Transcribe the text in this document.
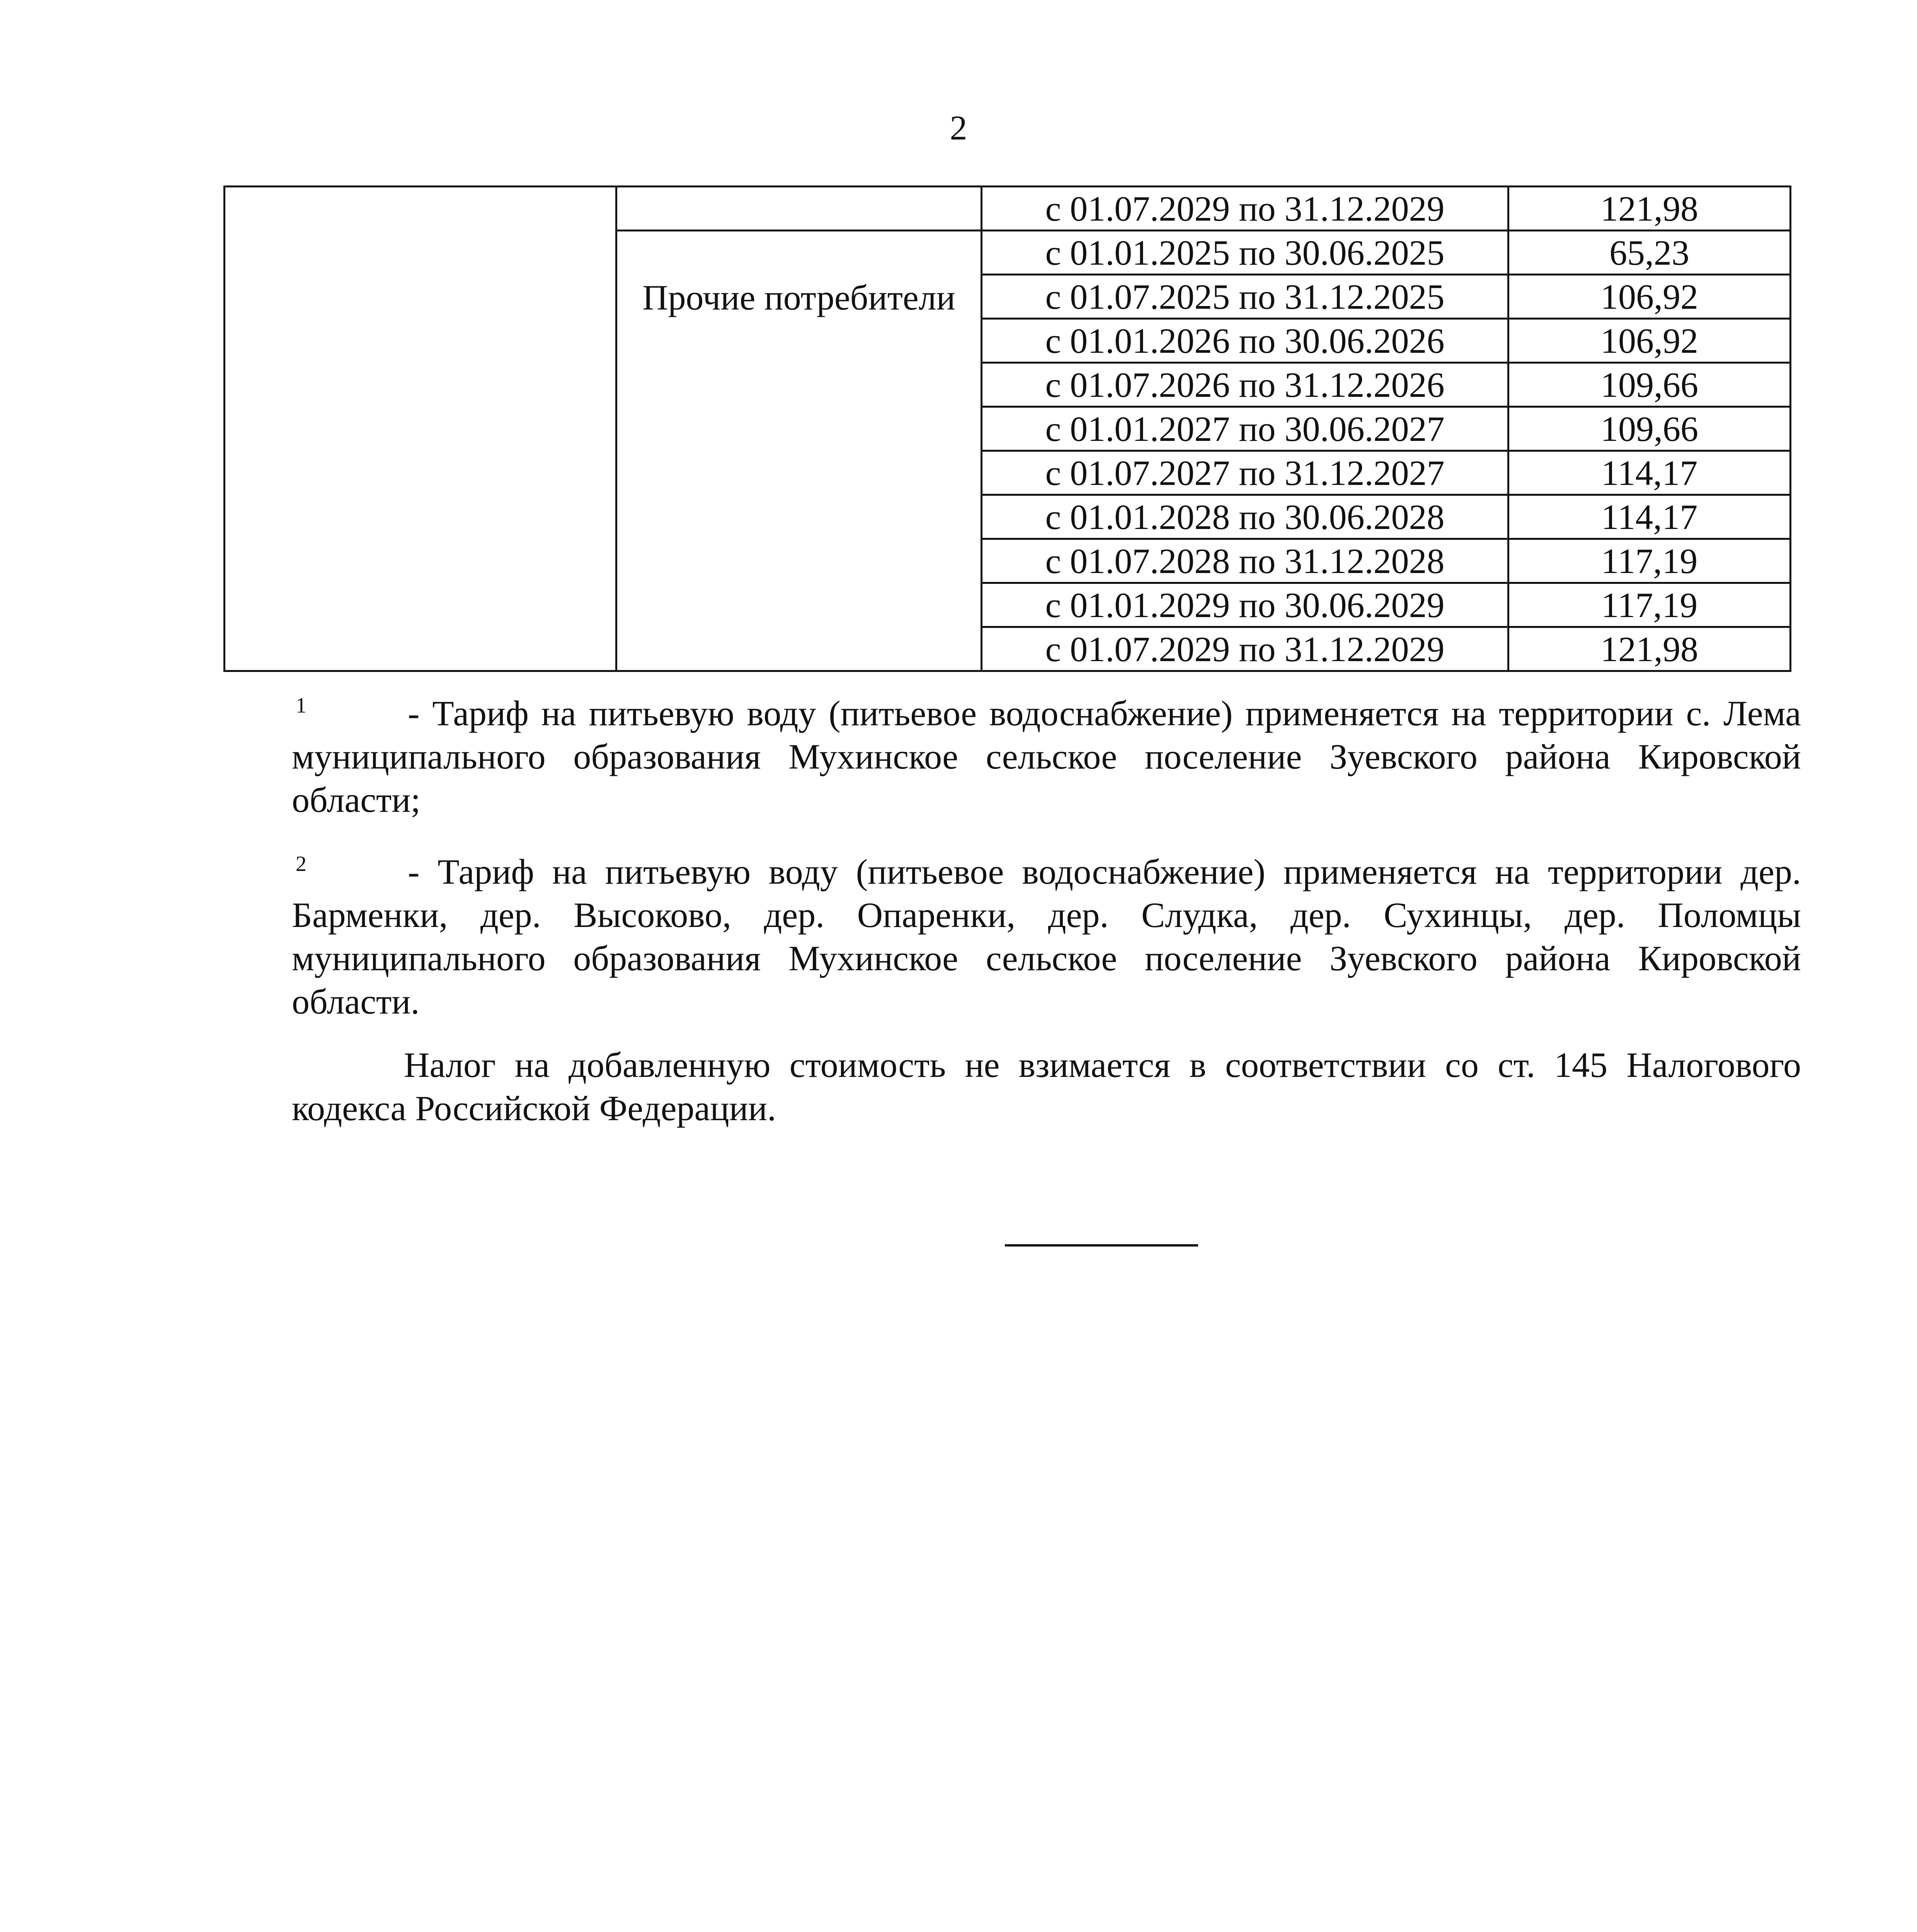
2
		с 01.07.2029 по 31.12.2029	121,98

	Прочие потребители	с 01.01.2025 по 30.06.2025	65,23
		с 01.07.2025 по 31.12.2025	106,92
		с 01.01.2026 по 30.06.2026	106,92
		с 01.07.2026 по 31.12.2026	109,66
		с 01.01.2027 по 30.06.2027	109,66
		с 01.07.2027 по 31.12.2027	114,17
		с 01.01.2028 по 30.06.2028	114,17
		с 01.07.2028 по 31.12.2028	117,19
		с 01.01.2029 по 30.06.2029	117,19
		с 01.07.2029 по 31.12.2029	121,98

$^1$	- Тариф на питьевую воду (питьевое водоснабжение) применяется на территории с. Лема муниципального образования Мухинское сельское поселение Зуевского района Кировской области;

$^2$	- Тариф на питьевую воду (питьевое водоснабжение) применяется на территории дер. Барменки, дер. Высоково, дер. Опаренки, дер. Слудка, дер. Сухинцы, дер. Поломцы муниципального образования Мухинское сельское поселение Зуевского района Кировской области.

Налог на добавленную стоимость не взимается в соответствии со ст. 145 Налогового кодекса Российской Федерации.
